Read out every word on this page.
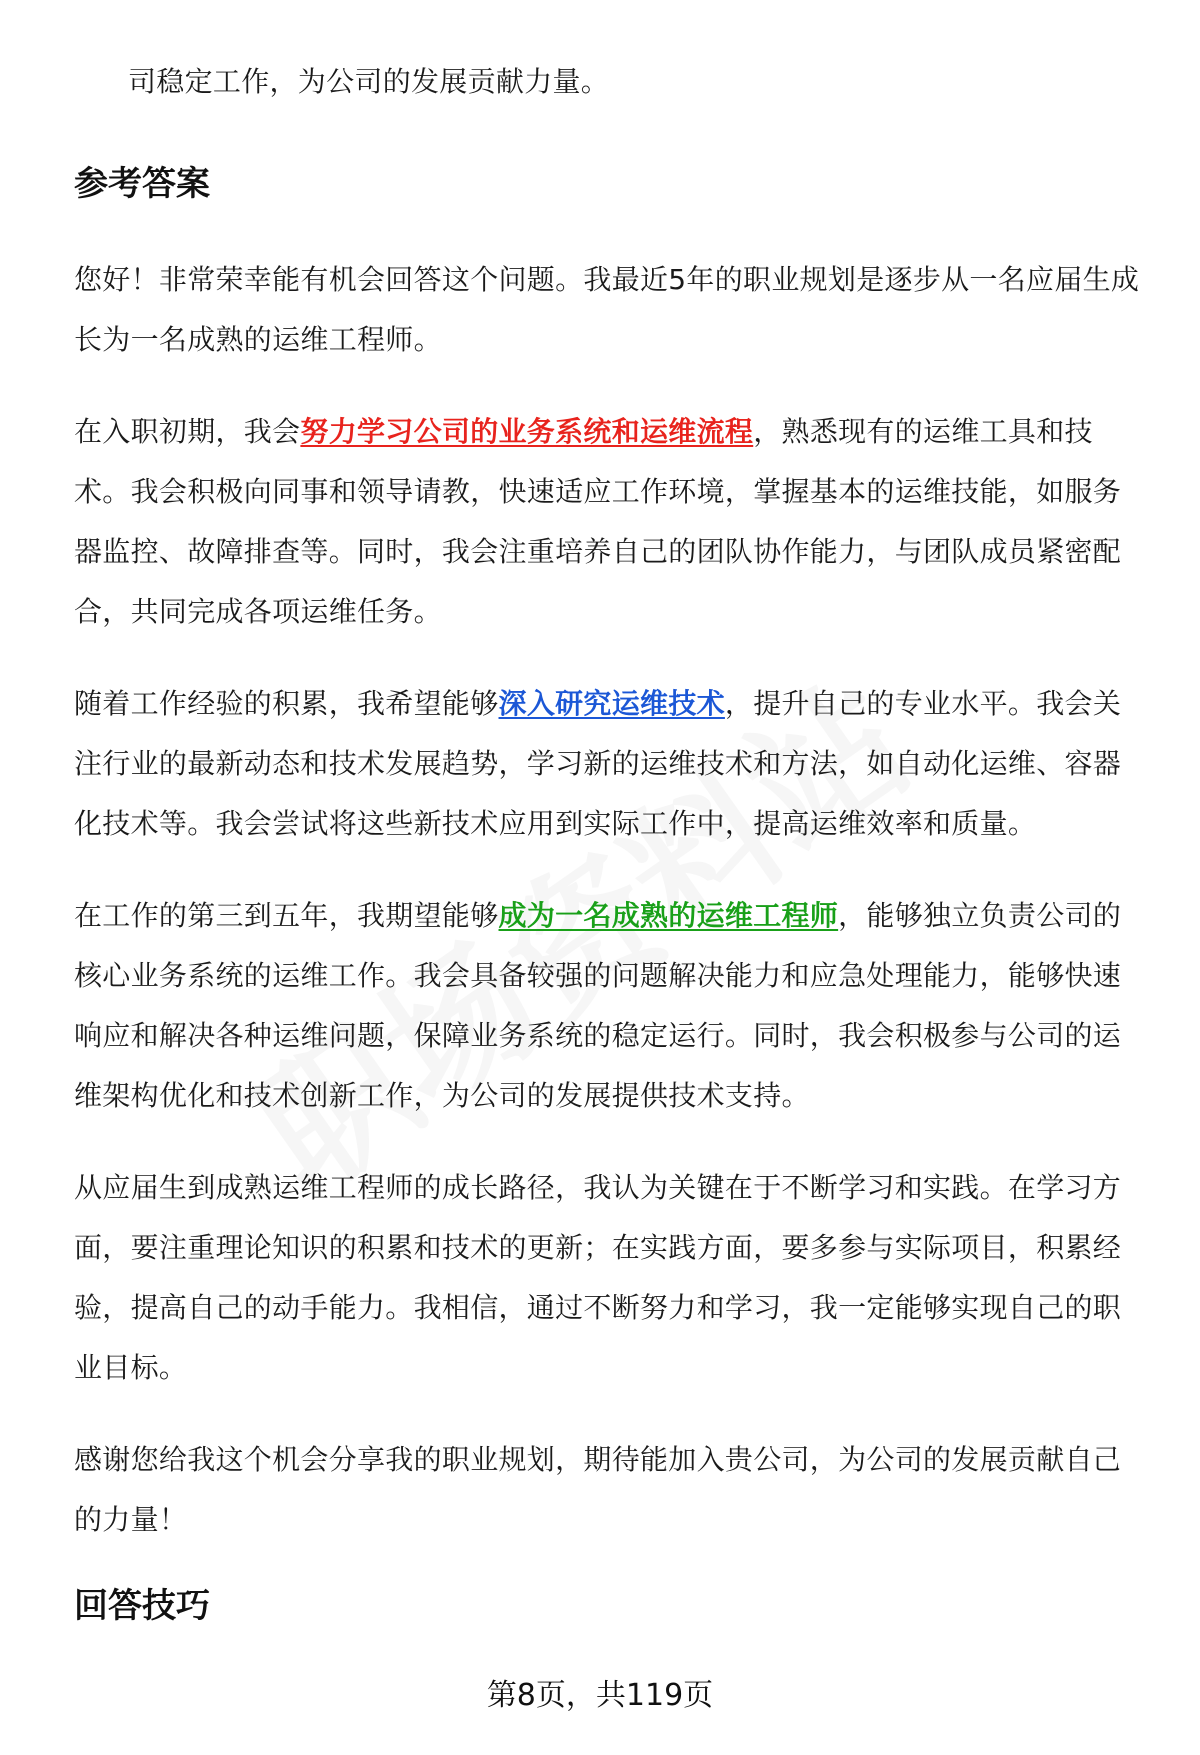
司稳定工作，为公司的发展贡献力量。

参考答案

您好！非常荣幸能有机会回答这个问题。我最近5年的职业规划是逐步从一名应届生成长为一名成熟的运维工程师。

在入职初期，我会努力学习公司的业务系统和运维流程，熟悉现有的运维工具和技术。我会积极向同事和领导请教，快速适应工作环境，掌握基本的运维技能，如服务器监控、故障排查等。同时，我会注重培养自己的团队协作能力，与团队成员紧密配合，共同完成各项运维任务。

随着工作经验的积累，我希望能够深入研究运维技术，提升自己的专业水平。我会关注行业的最新动态和技术发展趋势，学习新的运维技术和方法，如自动化运维、容器化技术等。我会尝试将这些新技术应用到实际工作中，提高运维效率和质量。

在工作的第三到五年，我期望能够成为一名成熟的运维工程师，能够独立负责公司的核心业务系统的运维工作。我会具备较强的问题解决能力和应急处理能力，能够快速响应和解决各种运维问题，保障业务系统的稳定运行。同时，我会积极参与公司的运维架构优化和技术创新工作，为公司的发展提供技术支持。

从应届生到成熟运维工程师的成长路径，我认为关键在于不断学习和实践。在学习方面，要注重理论知识的积累和技术的更新；在实践方面，要多参与实际项目，积累经验，提高自己的动手能力。我相信，通过不断努力和学习，我一定能够实现自己的职业目标。

感谢您给我这个机会分享我的职业规划，期待能加入贵公司，为公司的发展贡献自己的力量！

回答技巧
第8页，共119页
